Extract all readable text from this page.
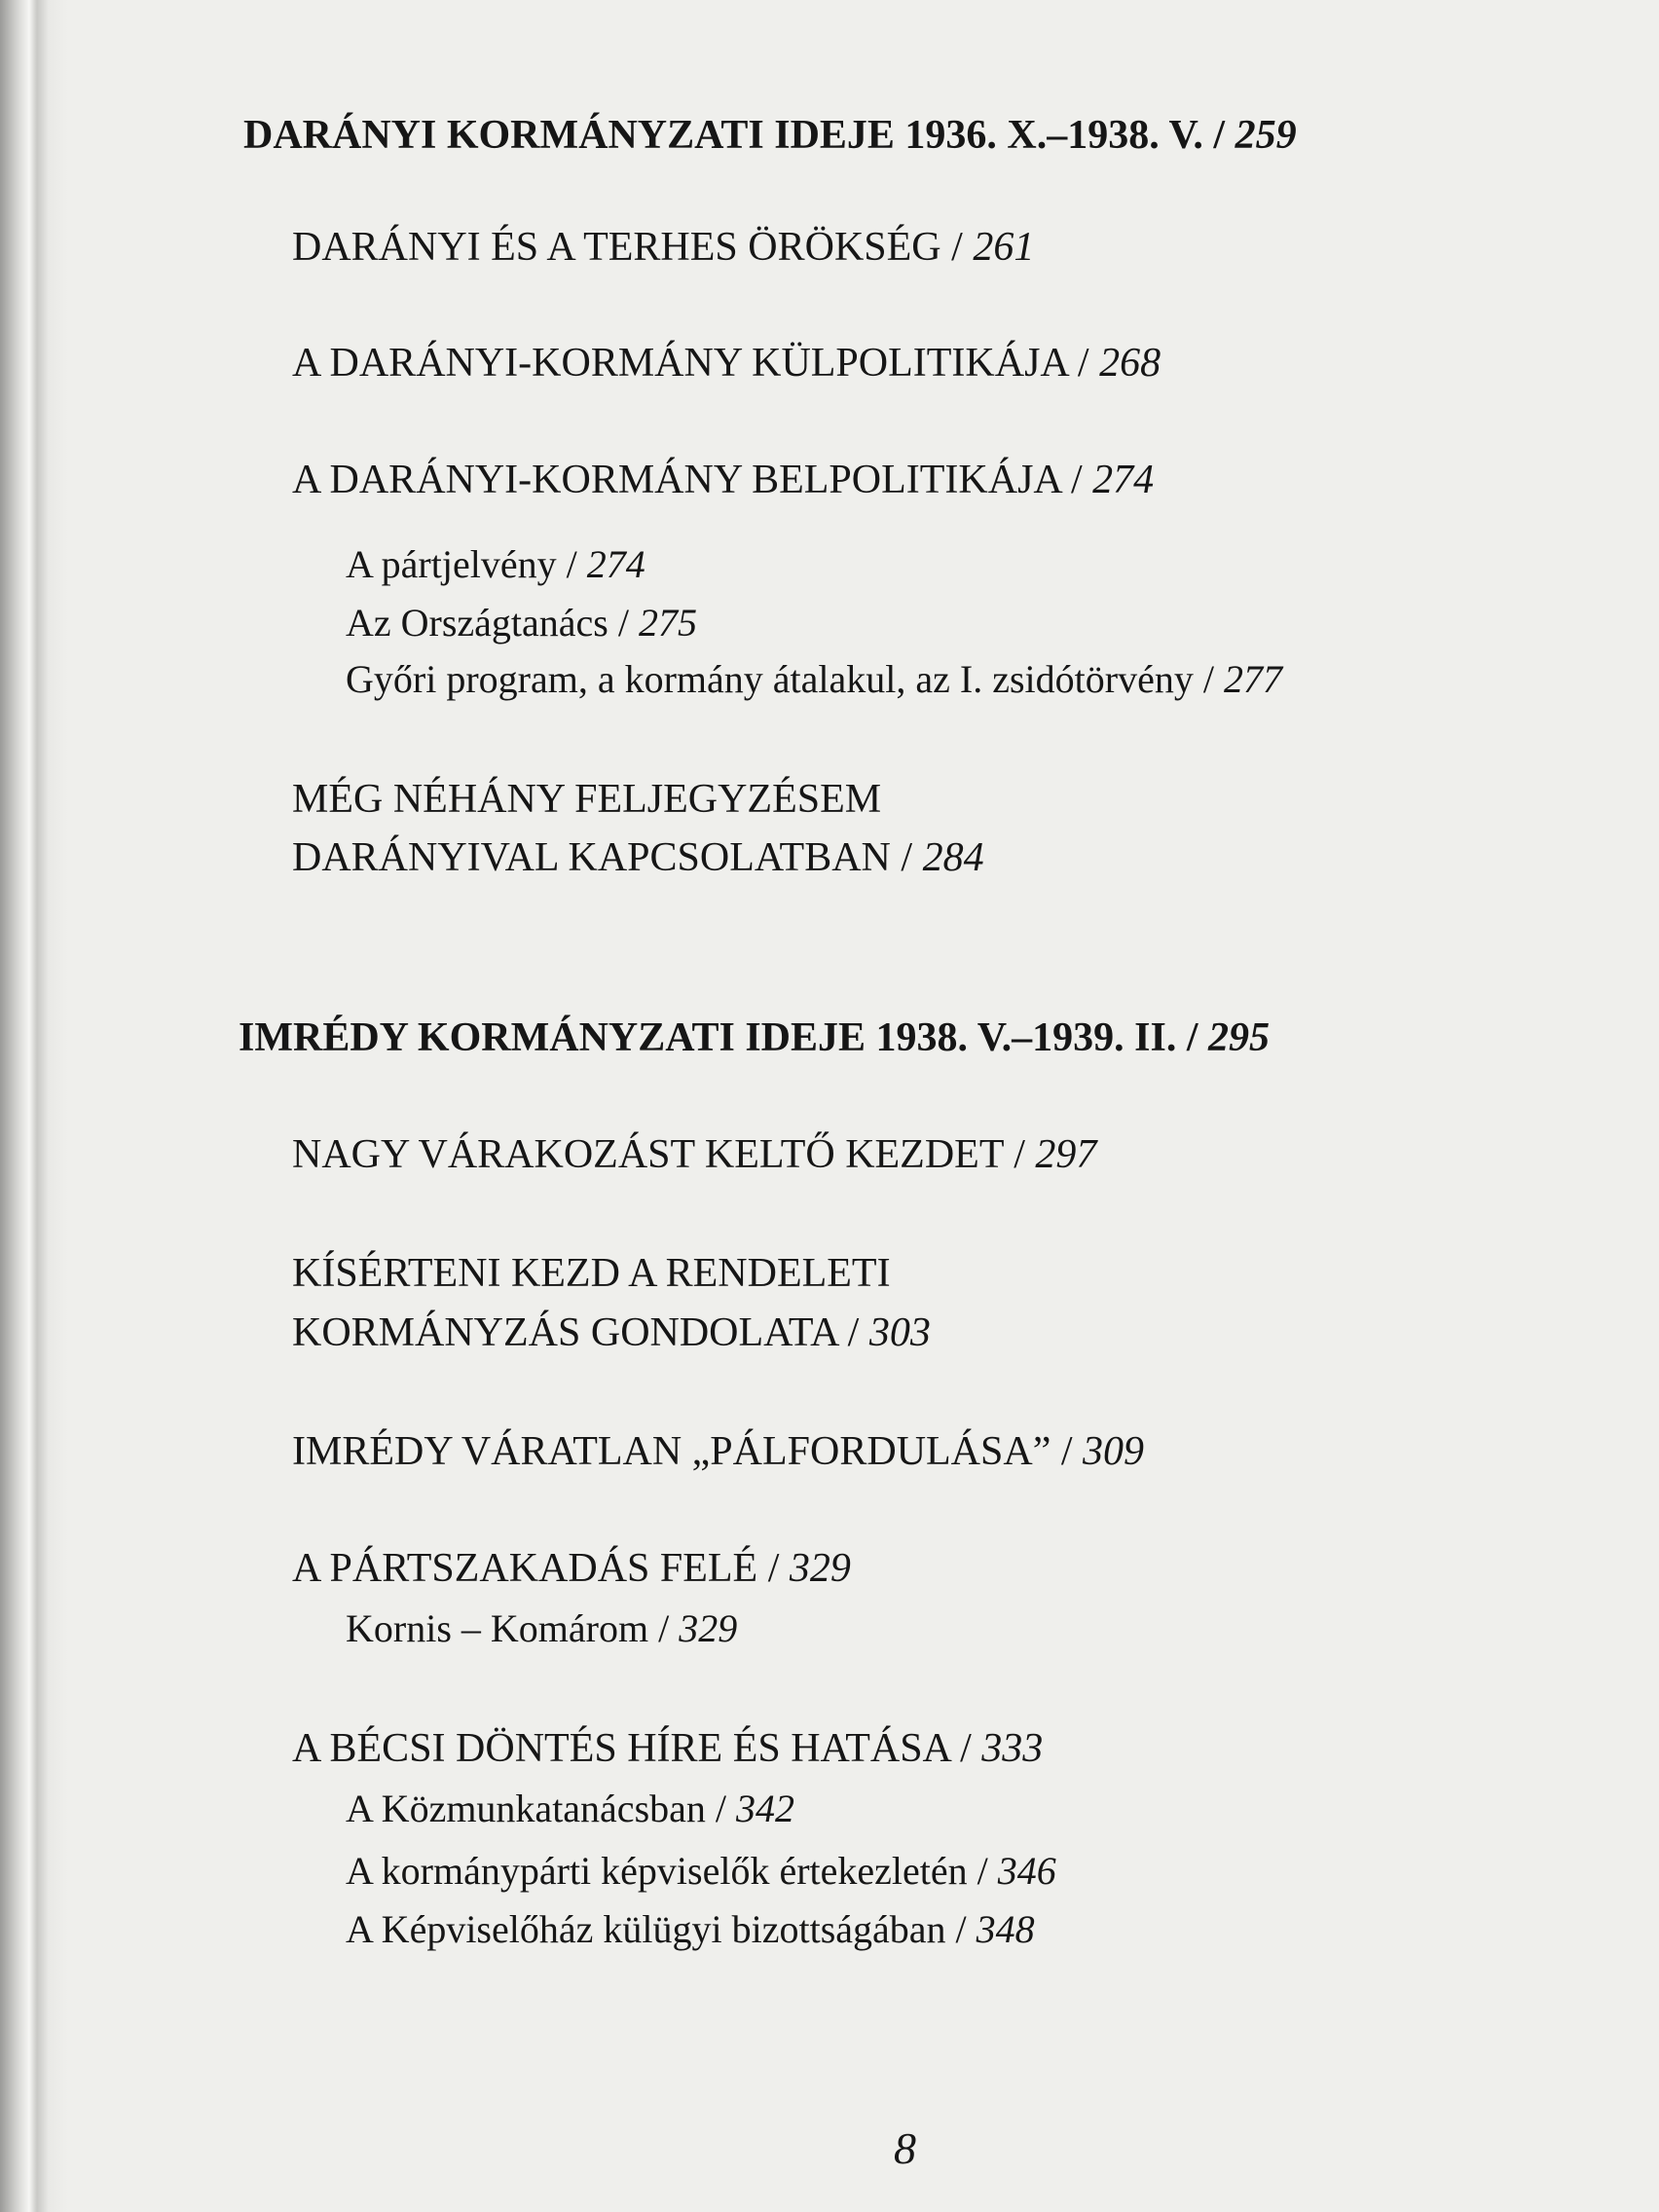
DARÁNYI KORMÁNYZATI IDEJE 1936. X.–1938. V. / 259
DARÁNYI ÉS A TERHES ÖRÖKSÉG / 261
A DARÁNYI-KORMÁNY KÜLPOLITIKÁJA / 268
A DARÁNYI-KORMÁNY BELPOLITIKÁJA / 274
A pártjelvény / 274
Az Országtanács / 275
Győri program, a kormány átalakul, az I. zsidótörvény / 277
MÉG NÉHÁNY FELJEGYZÉSEM
DARÁNYIVAL KAPCSOLATBAN / 284
IMRÉDY KORMÁNYZATI IDEJE 1938. V.–1939. II. / 295
NAGY VÁRAKOZÁST KELTŐ KEZDET / 297
KÍSÉRTENI KEZD A RENDELETI
KORMÁNYZÁS GONDOLATA / 303
IMRÉDY VÁRATLAN „PÁLFORDULÁSA” / 309
A PÁRTSZAKADÁS FELÉ / 329
Kornis – Komárom / 329
A BÉCSI DÖNTÉS HÍRE ÉS HATÁSA / 333
A Közmunkatanácsban / 342
A kormánypárti képviselők értekezletén / 346
A Képviselőház külügyi bizottságában / 348
8
